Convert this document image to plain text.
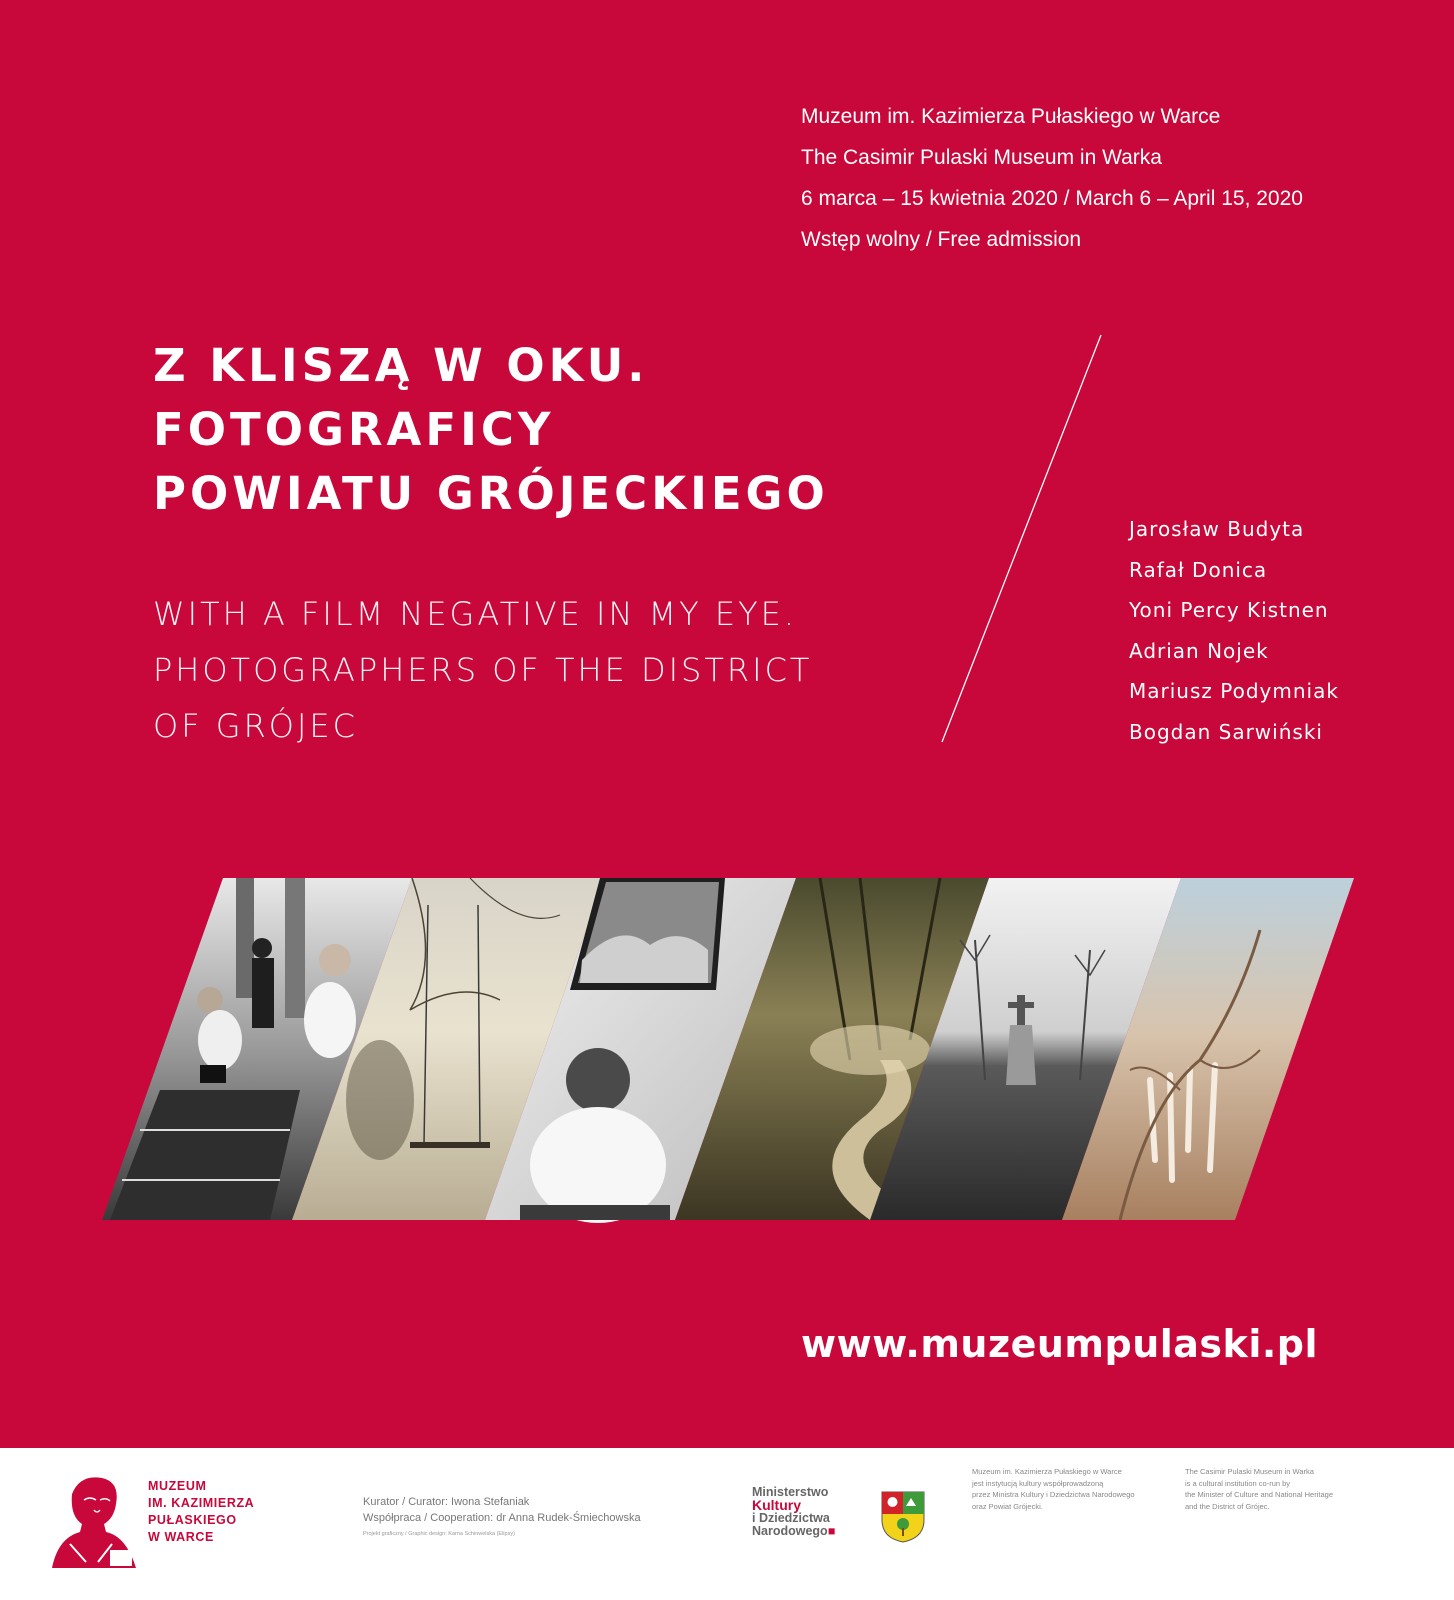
Muzeum im. Kazimierza Pułaskiego w Warce
The Casimir Pulaski Museum in Warka
6 marca – 15 kwietnia 2020 / March 6 – April 15, 2020
Wstęp wolny / Free admission
Z KLISZĄ W OKU.
FOTOGRAFICY
POWIATU GRÓJECKIEGO
WITH A FILM NEGATIVE IN MY EYE.
PHOTOGRAPHERS OF THE DISTRICT
OF GRÓJEC
Jarosław Budyta
Rafał Donica
Yoni Percy Kistnen
Adrian Nojek
Mariusz Podymniak
Bogdan Sarwiński
www.muzeumpulaski.pl
MUZEUM
IM. KAZIMIERZA
PUŁASKIEGO
W WARCE
Kurator / Curator: Iwona Stefaniak
Współpraca / Cooperation: dr Anna Rudek-Śmiechowska
Projekt graficzny / Graphic design: Karna Schinwelska (Elipsy)
Ministerstwo
Kultury
i Dziedzictwa
Narodowego■
Muzeum im. Kazimierza Pułaskiego w Warce
jest instytucją kultury współprowadzoną
przez Ministra Kultury i Dziedzictwa Narodowego
oraz Powiat Grójecki.
The Casimir Pulaski Museum in Warka
is a cultural institution co-run by
the Minister of Culture and National Heritage
and the District of Grójec.
